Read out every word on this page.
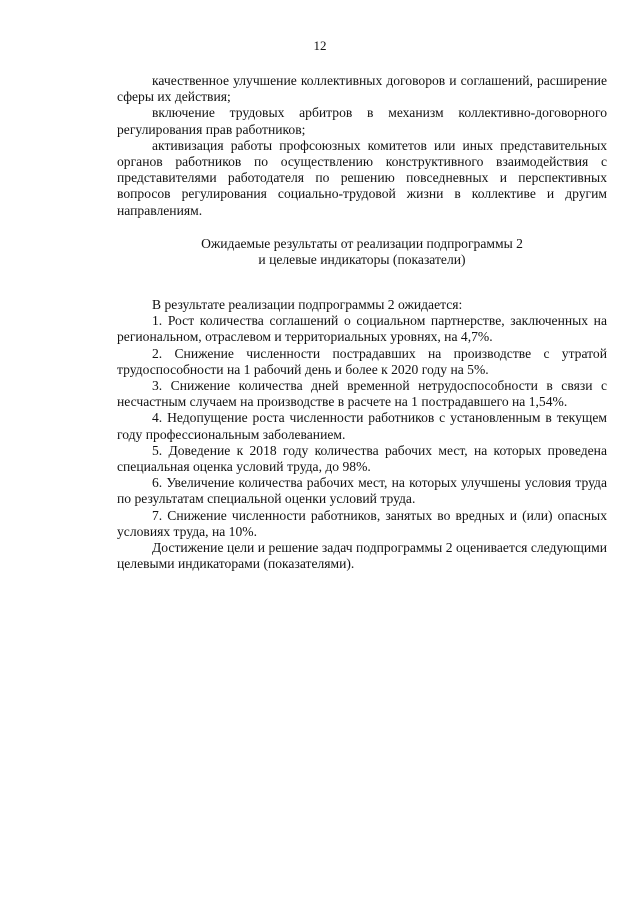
12

качественное улучшение коллективных договоров и соглашений, расширение сферы их действия;

включение трудовых арбитров в механизм коллективно-договорного регулирования прав работников;

активизация работы профсоюзных комитетов или иных представительных органов работников по осуществлению конструктивного взаимодействия с представителями работодателя по решению повседневных и перспективных вопросов регулирования социально-трудовой жизни в коллективе и другим направлениям.

Ожидаемые результаты от реализации подпрограммы 2
и целевые индикаторы (показатели)

В результате реализации подпрограммы 2 ожидается:

1. Рост количества соглашений о социальном партнерстве, заключенных на региональном, отраслевом и территориальных уровнях, на 4,7%.

2. Снижение численности пострадавших на производстве с утратой трудоспособности на 1 рабочий день и более к 2020 году на 5%.

3. Снижение количества дней временной нетрудоспособности в связи с несчастным случаем на производстве в расчете на 1 пострадавшего на 1,54%.

4. Недопущение роста численности работников с установленным в текущем году профессиональным заболеванием.

5. Доведение к 2018 году количества рабочих мест, на которых проведена специальная оценка условий труда, до 98%.

6. Увеличение количества рабочих мест, на которых улучшены условия труда по результатам специальной оценки условий труда.

7. Снижение численности работников, занятых во вредных и (или) опасных условиях труда, на 10%.

Достижение цели и решение задач подпрограммы 2 оценивается следующими целевыми индикаторами (показателями).
